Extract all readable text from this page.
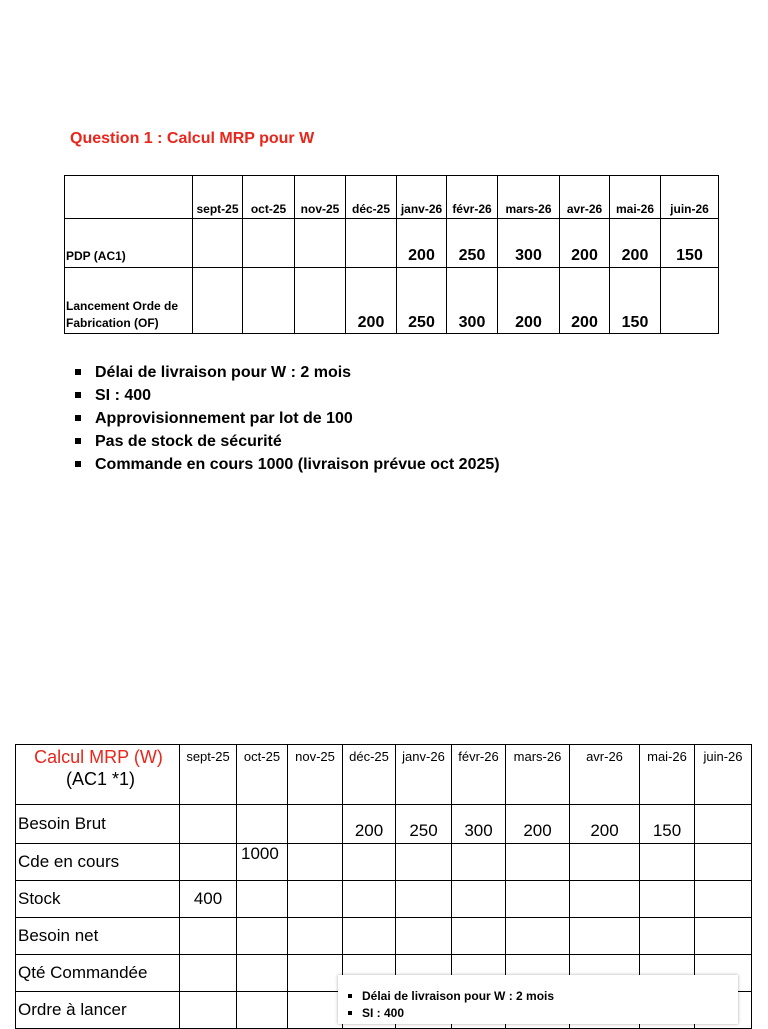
Question 1 : Calcul MRP pour W
	sept-25	oct-25	nov-25	déc-25	janv-26	févr-26	mars-26	avr-26	mai-26	juin-26
PDP (AC1)					200	250	300	200	200	150
Lancement Orde de Fabrication (OF)				200	250	300	200	200	150	
Délai de livraison pour W : 2 mois
SI : 400
Approvisionnement par lot de 100
Pas de stock de sécurité
Commande en cours 1000 (livraison prévue oct 2025)
Calcul MRP (W)
(AC1 *1)	sept-25	oct-25	nov-25	déc-25	janv-26	févr-26	mars-26	avr-26	mai-26	juin-26
Besoin Brut				200	250	300	200	200	150	
Cde en cours		1000								
Stock	400									
Besoin net										
Qté Commandée										
Ordre à lancer										
Délai de livraison pour W : 2 mois
SI : 400
